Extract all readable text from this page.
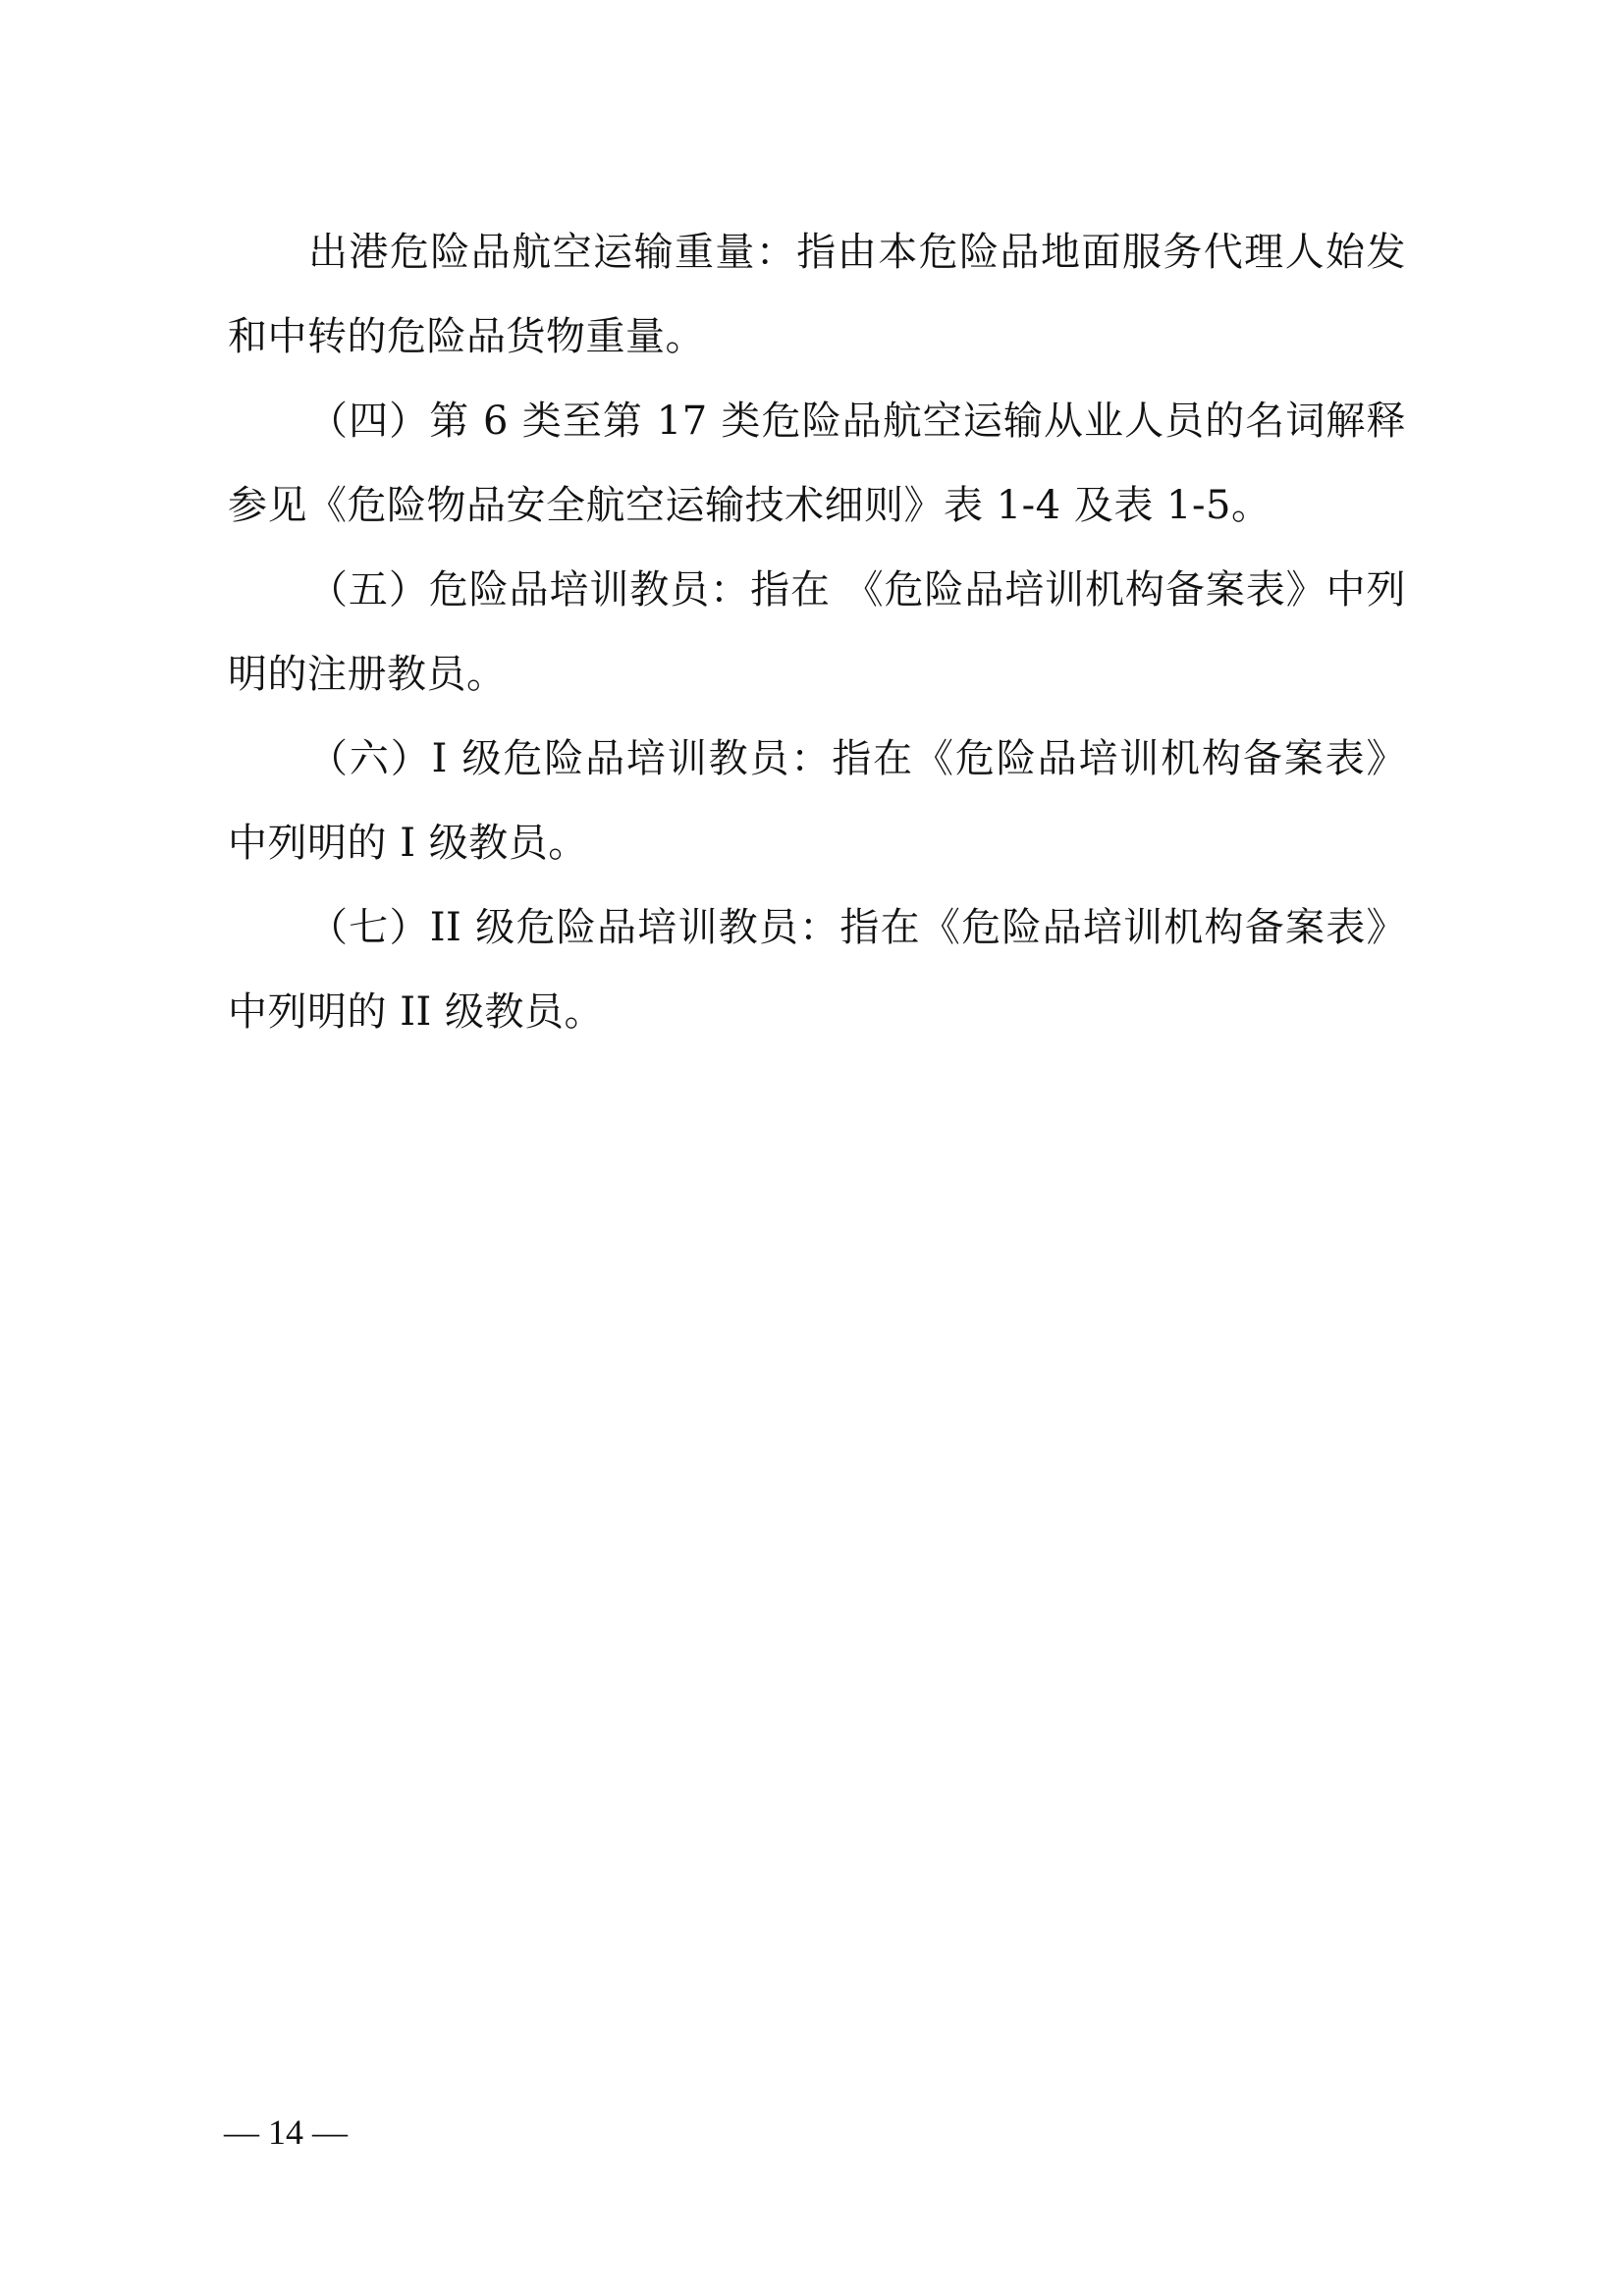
出港危险品航空运输重量：指由本危险品地面服务代理人始发和中转的危险品货物重量。

（四）第 6 类至第 17 类危险品航空运输从业人员的名词解释参见《危险物品安全航空运输技术细则》表 1-4 及表 1-5。

（五）危险品培训教员：指在 《危险品培训机构备案表》中列明的注册教员。

（六）I 级危险品培训教员：指在《危险品培训机构备案表》中列明的 I 级教员。

（七）II 级危险品培训教员：指在《危险品培训机构备案表》中列明的 II 级教员。

— 14 —
